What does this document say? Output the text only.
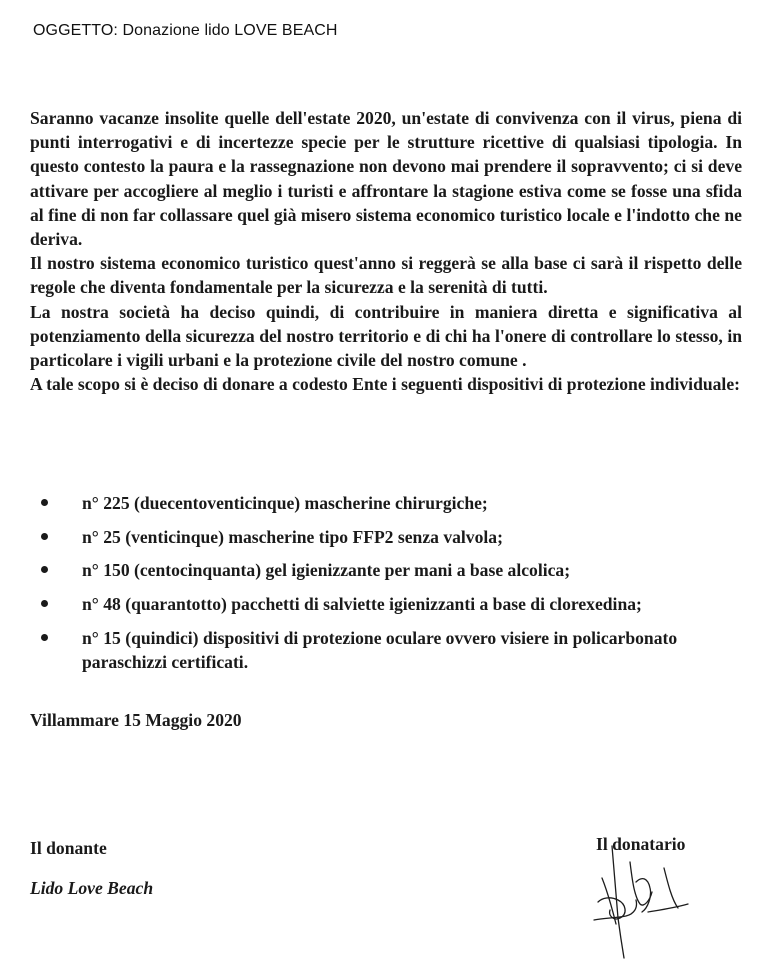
OGGETTO: Donazione lido LOVE BEACH

Saranno vacanze insolite quelle dell'estate 2020, un'estate di convivenza con il virus, piena di punti interrogativi e di incertezze specie per le strutture ricettive di qualsiasi tipologia. In questo contesto la paura e la rassegnazione non devono mai prendere il sopravvento; ci si deve attivare per accogliere al meglio i turisti e affrontare la stagione estiva come se fosse una sfida al fine di non far collassare quel già misero sistema economico turistico locale e l'indotto che ne deriva.

Il nostro sistema economico turistico quest'anno si reggerà se alla base ci sarà il rispetto delle regole che diventa fondamentale per la sicurezza e la serenità di tutti.

La nostra società ha deciso quindi, di contribuire in maniera diretta e significativa al potenziamento della sicurezza del nostro territorio e di chi ha l'onere di controllare lo stesso, in particolare i vigili urbani e la protezione civile del nostro comune .

A tale scopo si è deciso di donare a codesto Ente i seguenti dispositivi di protezione individuale:

n° 225 (duecentoventicinque) mascherine chirurgiche;
n° 25 (venticinque) mascherine tipo FFP2 senza valvola;
n° 150 (centocinquanta) gel igienizzante per mani a base alcolica;
n° 48 (quarantotto) pacchetti di salviette igienizzanti a base di clorexedina;
n° 15 (quindici) dispositivi di protezione oculare ovvero visiere in policarbonato paraschizzi certificati.
Villammare 15 Maggio 2020
Il donante
Lido Love Beach
Il donatario
